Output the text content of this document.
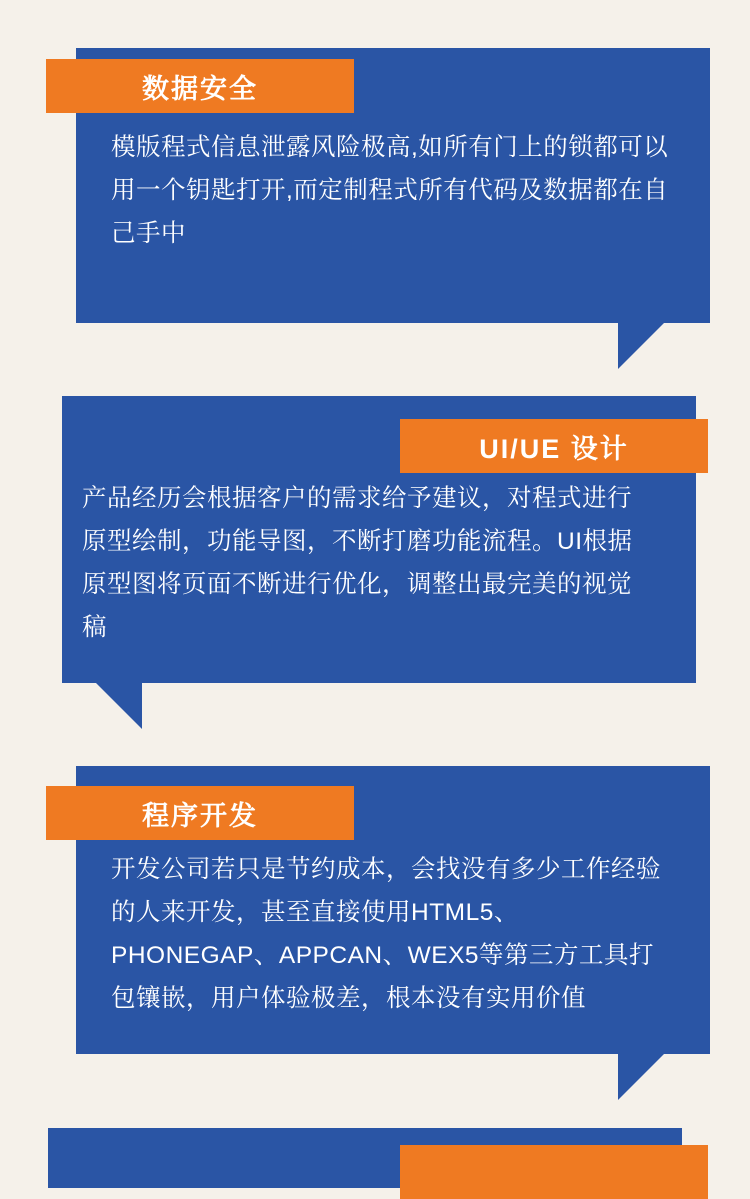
模版程式信息泄露风险极高,如所有门上的锁都可以用一个钥匙打开,而定制程式所有代码及数据都在自己手中
数据安全
产品经历会根据客户的需求给予建议，对程式进行原型绘制，功能导图，不断打磨功能流程。UI根据原型图将页面不断进行优化，调整出最完美的视觉稿
UI/UE 设计
开发公司若只是节约成本，会找没有多少工作经验的人来开发，甚至直接使用HTML5、PHONEGAP、APPCAN、WEX5等第三方工具打包镶嵌，用户体验极差，根本没有实用价值
程序开发
